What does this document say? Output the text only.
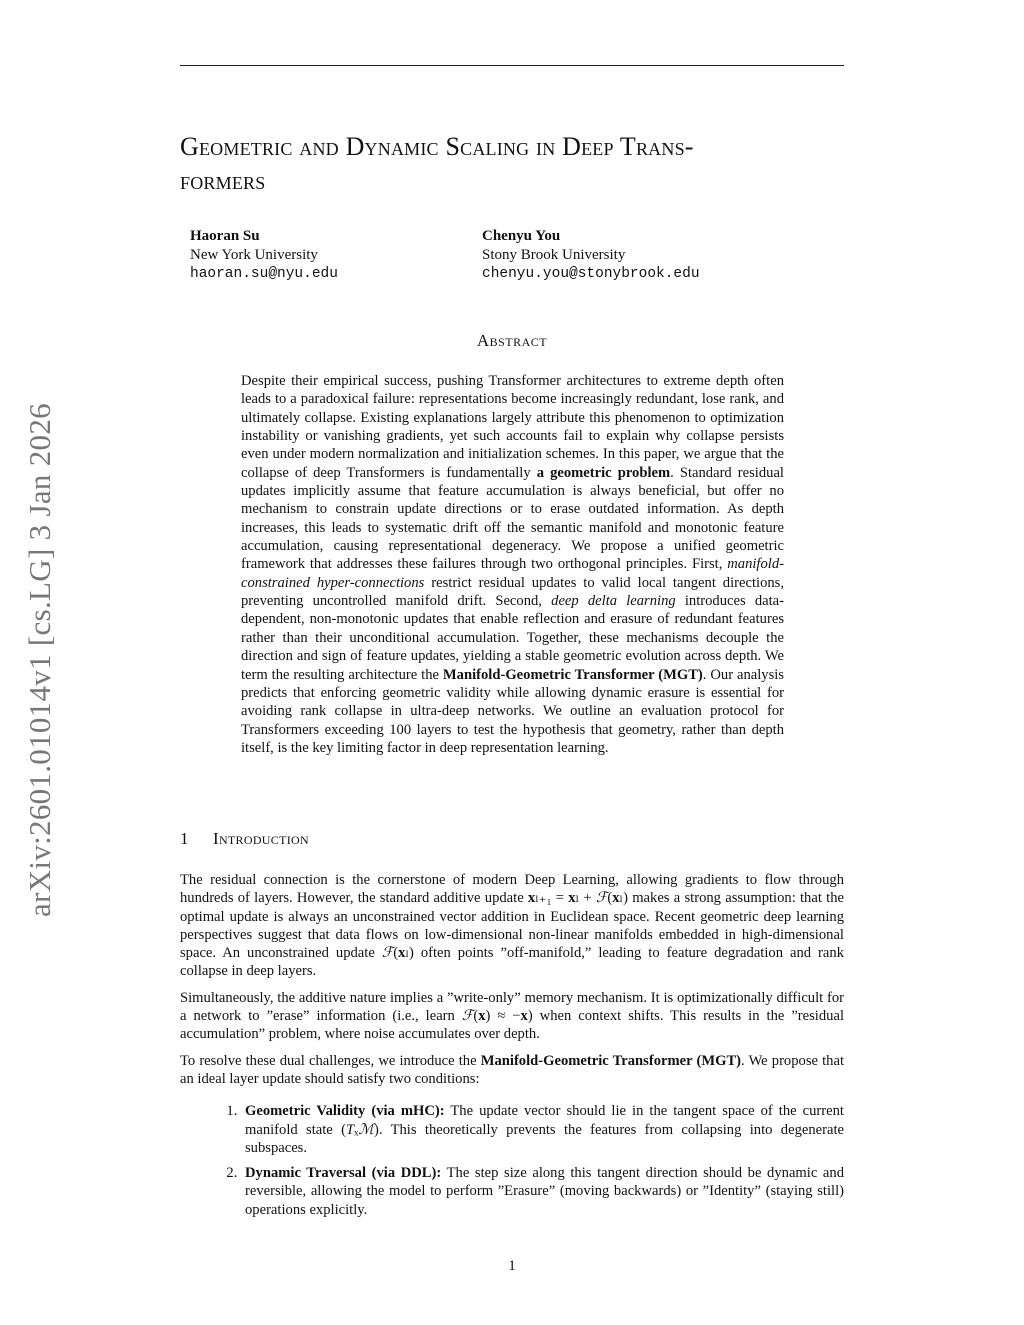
arXiv:2601.01014v1 [cs.LG] 3 Jan 2026
Geometric and Dynamic Scaling in Deep Trans-
formers
Haoran Su
New York University
haoran.su@nyu.edu
Chenyu You
Stony Brook University
chenyu.you@stonybrook.edu
Abstract
Despite their empirical success, pushing Transformer architectures to extreme depth often leads to a paradoxical failure: representations become increasingly redundant, lose rank, and ultimately collapse. Existing explanations largely attribute this phenomenon to optimization instability or vanishing gradients, yet such accounts fail to explain why collapse persists even under modern normalization and initialization schemes. In this paper, we argue that the collapse of deep Transformers is fundamentally a geometric problem. Standard residual updates implicitly assume that feature accumulation is always beneficial, but offer no mechanism to constrain update directions or to erase outdated information. As depth increases, this leads to systematic drift off the semantic manifold and monotonic feature accumulation, causing representational degeneracy. We propose a unified geometric framework that addresses these failures through two orthogonal principles. First, manifold-constrained hyper-connections restrict residual updates to valid local tangent directions, preventing uncontrolled manifold drift. Second, deep delta learning introduces data-dependent, non-monotonic updates that enable reflection and erasure of redundant features rather than their unconditional accumulation. Together, these mechanisms decouple the direction and sign of feature updates, yielding a stable geometric evolution across depth. We term the resulting architecture the Manifold-Geometric Transformer (MGT). Our analysis predicts that enforcing geometric validity while allowing dynamic erasure is essential for avoiding rank collapse in ultra-deep networks. We outline an evaluation protocol for Transformers exceeding 100 layers to test the hypothesis that geometry, rather than depth itself, is the key limiting factor in deep representation learning.
1 Introduction

The residual connection is the cornerstone of modern Deep Learning, allowing gradients to flow through hundreds of layers. However, the standard additive update xₗ₊₁ = xₗ + ℱ(xₗ) makes a strong assumption: that the optimal update is always an unconstrained vector addition in Euclidean space. Recent geometric deep learning perspectives suggest that data flows on low-dimensional non-linear manifolds embedded in high-dimensional space. An unconstrained update ℱ(xₗ) often points ”off-manifold,” leading to feature degradation and rank collapse in deep layers.

Simultaneously, the additive nature implies a ”write-only” memory mechanism. It is optimizationally difficult for a network to ”erase” information (i.e., learn ℱ(x) ≈ −x) when context shifts. This results in the ”residual accumulation” problem, where noise accumulates over depth.

To resolve these dual challenges, we introduce the Manifold-Geometric Transformer (MGT). We propose that an ideal layer update should satisfy two conditions:

1. Geometric Validity (via mHC): The update vector should lie in the tangent space of the current manifold state (Tₓℳ). This theoretically prevents the features from collapsing into degenerate subspaces.
2. Dynamic Traversal (via DDL): The step size along this tangent direction should be dynamic and reversible, allowing the model to perform ”Erasure” (moving backwards) or ”Identity” (staying still) operations explicitly.
1
